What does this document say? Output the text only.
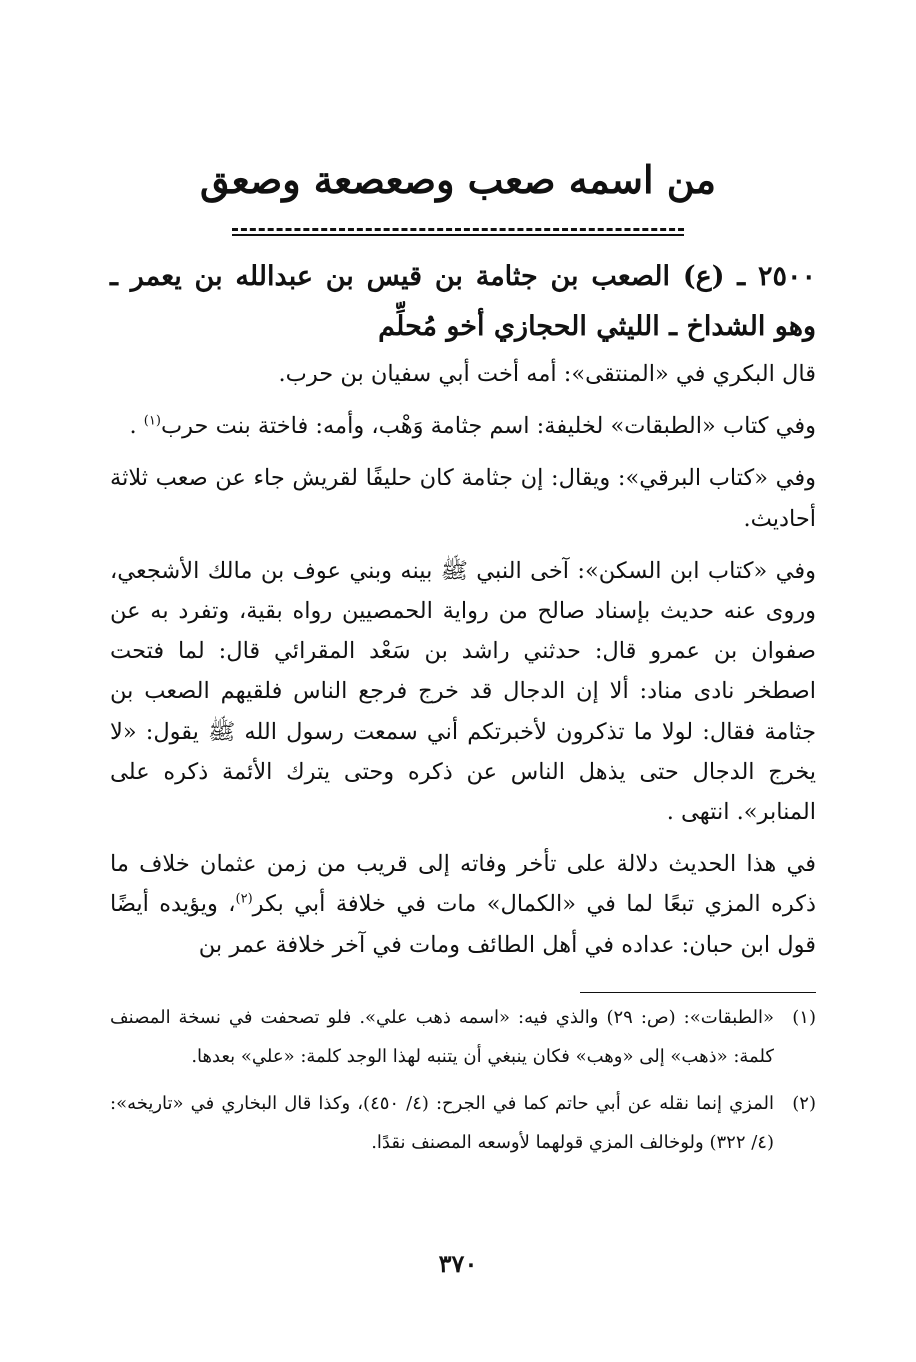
من اسمه صعب وصعصعة وصعق
٢٥٠٠ ـ (ع) الصعب بن جثامة بن قيس بن عبدالله بن يعمر ـ وهو الشداخ ـ الليثي الحجازي أخو مُحلِّم

قال البكري في «المنتقى»: أمه أخت أبي سفيان بن حرب.

وفي كتاب «الطبقات» لخليفة: اسم جثامة وَهْب، وأمه: فاختة بنت حرب$^{(١)}$ .

وفي «كتاب البرقي»: ويقال: إن جثامة كان حليفًا لقريش جاء عن صعب ثلاثة أحاديث.

وفي «كتاب ابن السكن»: آخى النبي ﷺ بينه وبني عوف بن مالك الأشجعي، وروى عنه حديث بإسناد صالح من رواية الحمصيين رواه بقية، وتفرد به عن صفوان بن عمرو قال: حدثني راشد بن سَعْد المقرائي قال: لما فتحت اصطخر نادى مناد: ألا إن الدجال قد خرج فرجع الناس فلقيهم الصعب بن جثامة فقال: لولا ما تذكرون لأخبرتكم أني سمعت رسول الله ﷺ يقول: «لا يخرج الدجال حتى يذهل الناس عن ذكره وحتى يترك الأئمة ذكره على المنابر». انتهى .

في هذا الحديث دلالة على تأخر وفاته إلى قريب من زمن عثمان خلاف ما ذكره المزي تبعًا لما في «الكمال» مات في خلافة أبي بكر$^{(٢)}$، ويؤيده أيضًا قول ابن حبان: عداده في أهل الطائف ومات في آخر خلافة عمر بن

(١)«الطبقات»: (ص: ٢٩) والذي فيه: «اسمه ذهب علي». فلو تصحفت في نسخة المصنف كلمة: «ذهب» إلى «وهب» فكان ينبغي أن يتنبه لهذا الوجد كلمة: «علي» بعدها.

(٢)المزي إنما نقله عن أبي حاتم كما في الجرح: (٤/ ٤٥٠)، وكذا قال البخاري في «تاريخه»: (٤/ ٣٢٢) ولوخالف المزي قولهما لأوسعه المصنف نقدًا.

٣٧٠
